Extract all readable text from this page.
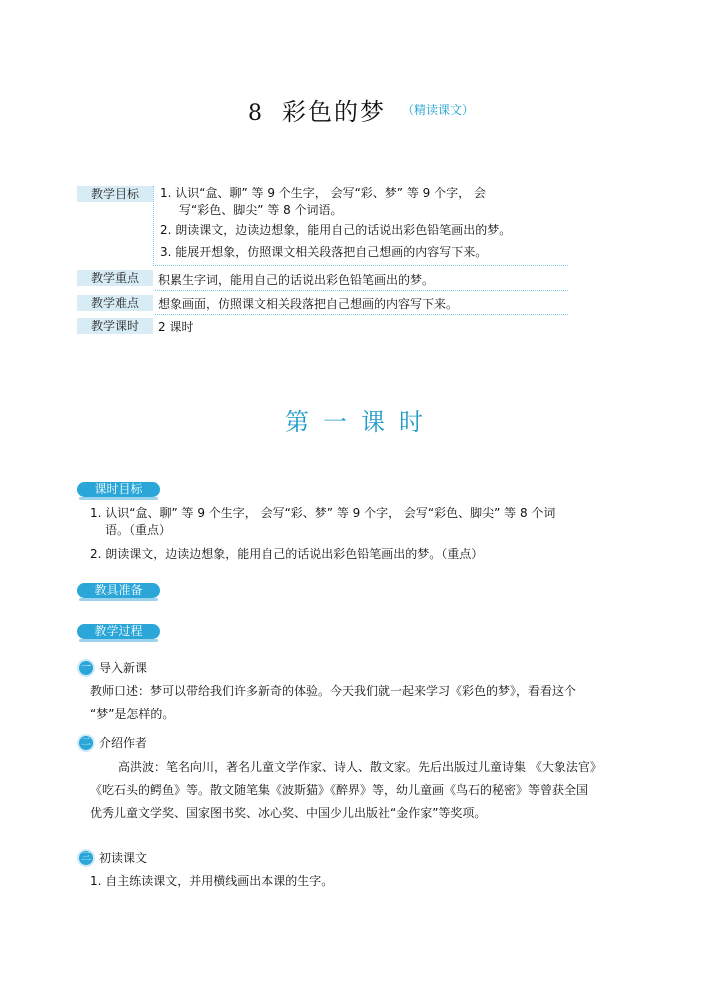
8 彩色的梦 $^{(精读课文)}$
教学目标	1. 认识“盒、聊” 等 9 个生字， 会写“彩、梦” 等 9 个字， 会
写“彩色、脚尖” 等 8 个词语。
2. 朗读课文，边读边想象，能用自己的话说出彩色铅笔画出的梦。
3. 能展开想象，仿照课文相关段落把自己想画的内容写下来。
教学重点	积累生字词，能用自己的话说出彩色铅笔画出的梦。
教学难点	想象画面，仿照课文相关段落把自己想画的内容写下来。
教学课时	2 课时
第一课时
课时目标
1. 认识“盒、聊” 等 9 个生字， 会写“彩、梦” 等 9 个字， 会写“彩色、脚尖” 等 8 个词
语。（重点）
2. 朗读课文，边读边想象，能用自己的话说出彩色铅笔画出的梦。（重点）
教具准备
教学过程
一 导入新课
教师口述：梦可以带给我们许多新奇的体验。今天我们就一起来学习《彩色的梦》，看看这个
“梦”是怎样的。
二 介绍作者
高洪波：笔名向川，著名儿童文学作家、诗人、散文家。先后出版过儿童诗集 《大象法官》
《吃石头的鳄鱼》等。散文随笔集《波斯猫》《醉界》等，幼儿童画《鸟石的秘密》等曾获全国
优秀儿童文学奖、国家图书奖、冰心奖、中国少儿出版社“金作家”等奖项。
三 初读课文
1. 自主练读课文，并用横线画出本课的生字。
